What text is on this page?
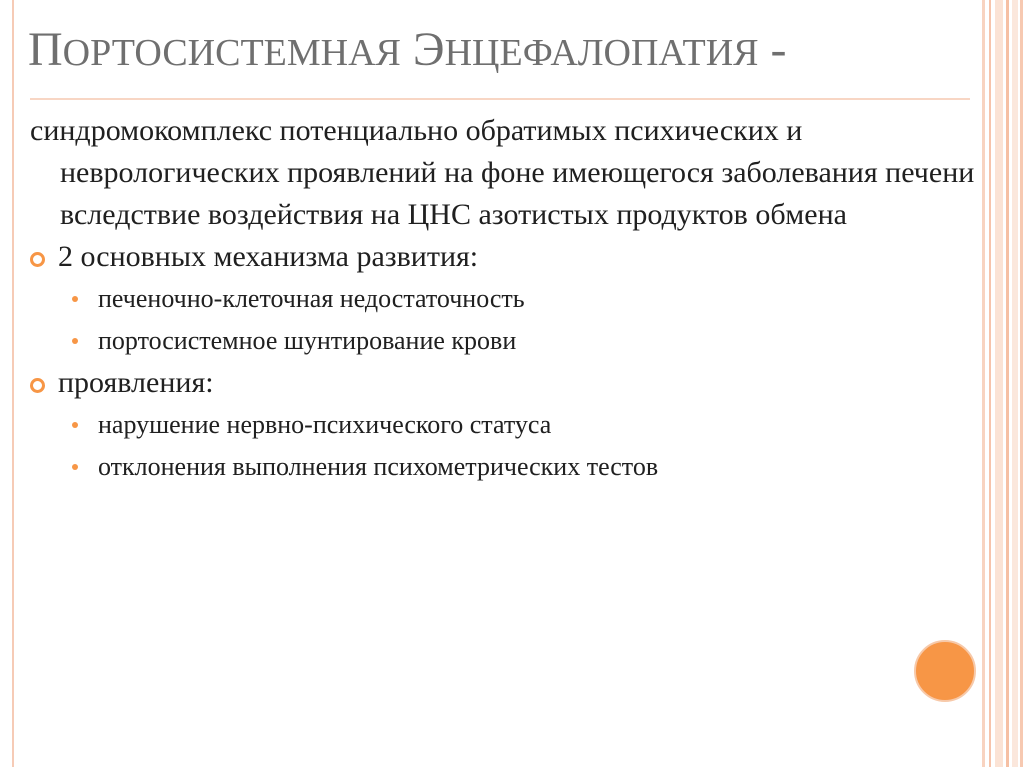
ПОРТОСИСТЕМНАЯ ЭНЦЕФАЛОПАТИЯ -

синдромокомплекс потенциально обратимых психических и неврологических проявлений на фоне имеющегося заболевания печени вследствие воздействия на ЦНС азотистых продуктов обмена

2 основных механизма развития:
печеночно-клеточная недостаточность
портосистемное шунтирование крови
проявления:
нарушение нервно-психического статуса
отклонения выполнения психометрических тестов
